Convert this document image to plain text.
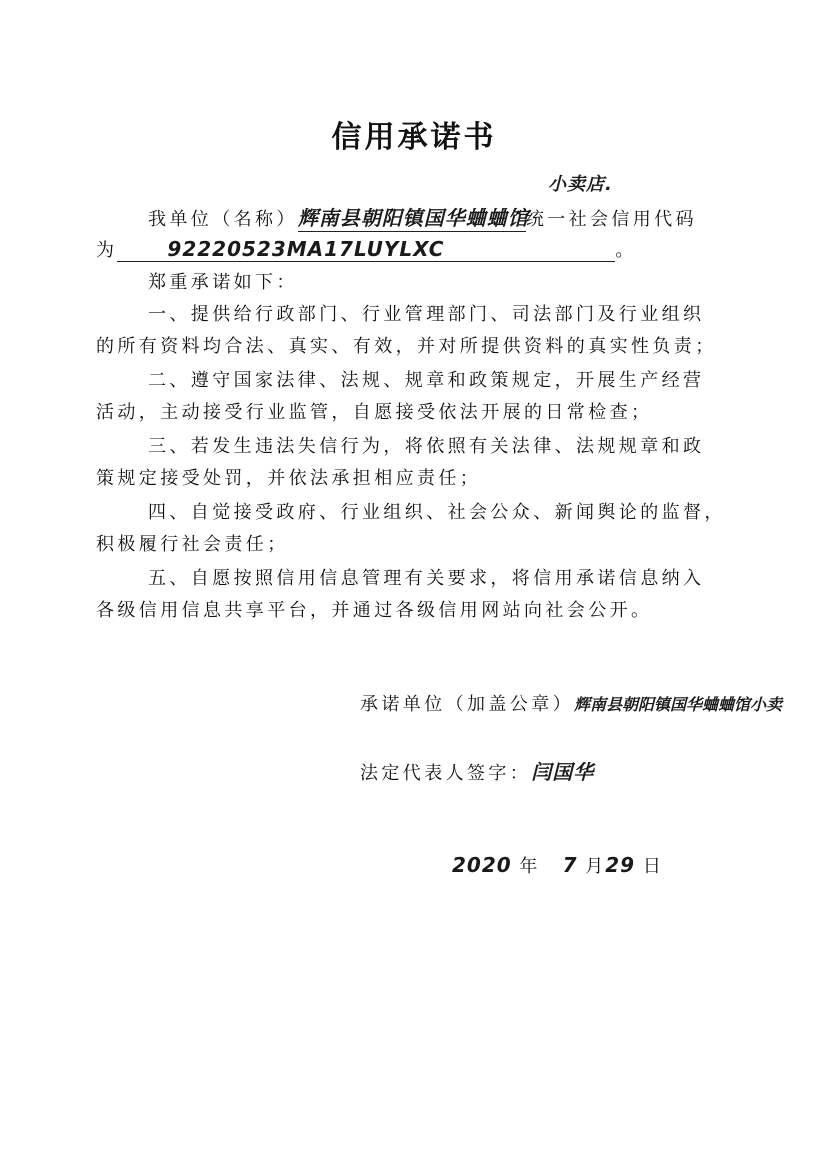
信用承诺书
小卖店.
我单位（名称）辉南县朝阳镇国华蛐蛐馆统一社会信用代码
为	92220523MA17LUYLXC	。
郑重承诺如下：
一、提供给行政部门、行业管理部门、司法部门及行业组织
的所有资料均合法、真实、有效，并对所提供资料的真实性负责；
二、遵守国家法律、法规、规章和政策规定，开展生产经营
活动，主动接受行业监管，自愿接受依法开展的日常检查；
三、若发生违法失信行为，将依照有关法律、法规规章和政
策规定接受处罚，并依法承担相应责任；
四、自觉接受政府、行业组织、社会公众、新闻舆论的监督，
积极履行社会责任；
五、自愿按照信用信息管理有关要求，将信用承诺信息纳入
各级信用信息共享平台，并通过各级信用网站向社会公开。
承诺单位（加盖公章）辉南县朝阳镇国华蛐蛐馆小卖
法定代表人签字：闫国华
2020 年 7 月29 日
